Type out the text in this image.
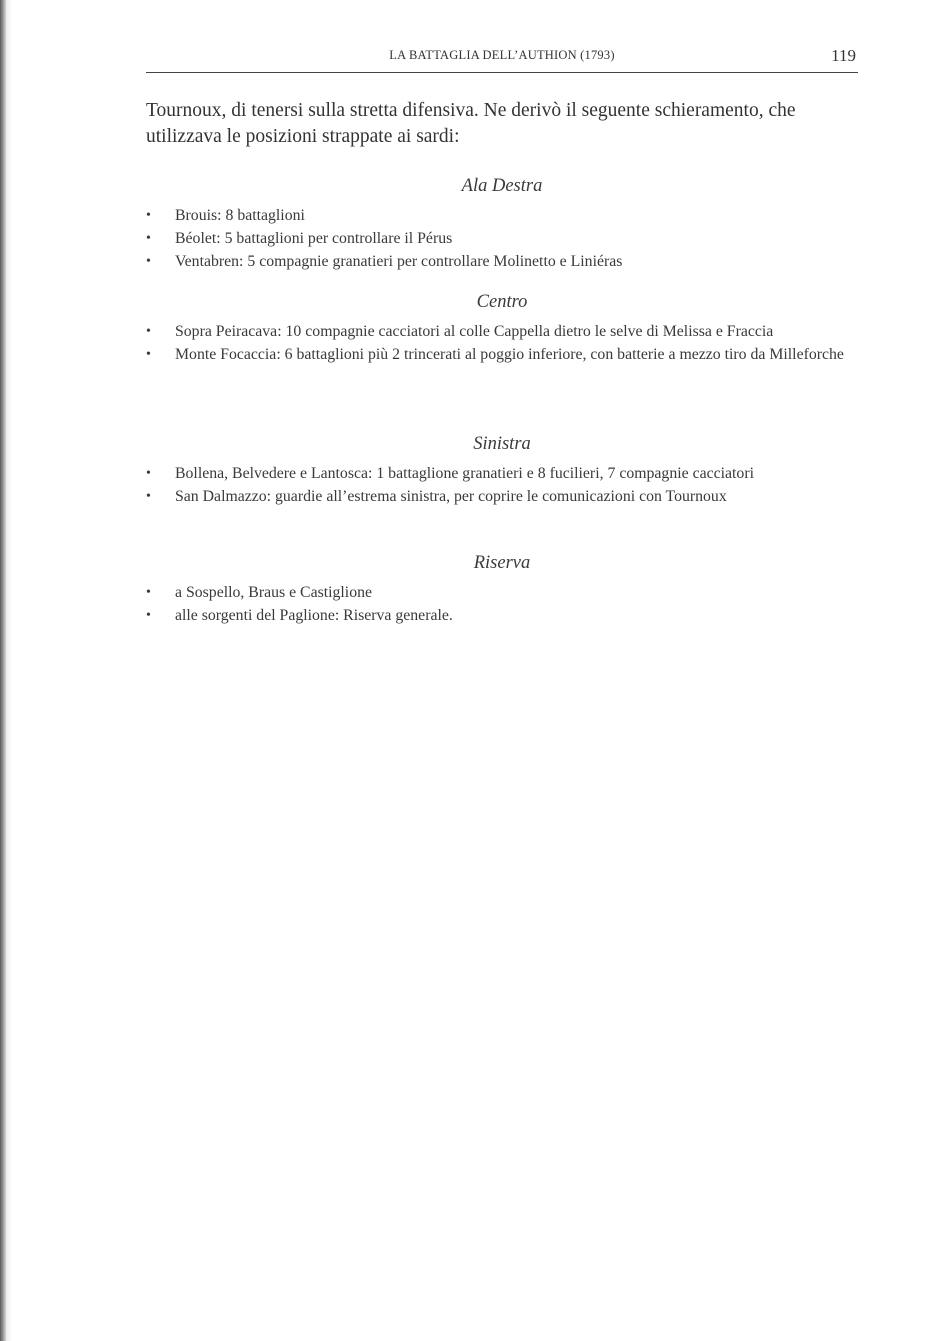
LA BATTAGLIA DELL’AUTHION (1793)	119

Tournoux, di tenersi sulla stretta difensiva. Ne derivò il seguente schieramento, che utilizzava le posizioni strappate ai sardi:

Ala Destra
• Brouis: 8 battaglioni
• Béolet: 5 battaglioni per controllare il Pérus
• Ventabren: 5 compagnie granatieri per controllare Molinetto e Liniéras
Centro
• Sopra Peiracava: 10 compagnie cacciatori al colle Cappella dietro le selve di Melissa e Fraccia
• Monte Focaccia: 6 battaglioni più 2 trincerati al poggio inferiore, con batterie a mezzo tiro da Milleforche
Sinistra
• Bollena, Belvedere e Lantosca: 1 battaglione granatieri e 8 fucilieri, 7 compagnie cacciatori
• San Dalmazzo: guardie all’estrema sinistra, per coprire le comunicazioni con Tournoux
Riserva
• a Sospello, Braus e Castiglione
• alle sorgenti del Paglione: Riserva generale.
